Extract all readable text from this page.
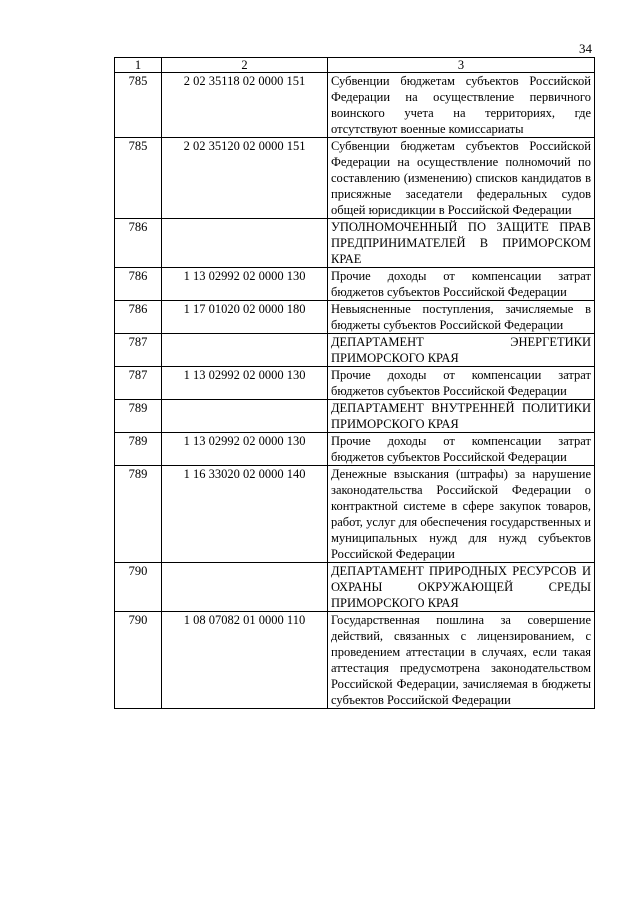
34
1	2	3
785	2 02 35118 02 0000 151	Субвенции бюджетам субъектов Российской Федерации на осуществление первичного воинского учета на территориях, где отсутствуют военные комиссариаты
785	2 02 35120 02 0000 151	Субвенции бюджетам субъектов Российской Федерации на осуществление полномочий по составлению (изменению) списков кандидатов в присяжные заседатели федеральных судов общей юрисдикции в Российской Федерации
786		УПОЛНОМОЧЕННЫЙ ПО ЗАЩИТЕ ПРАВ ПРЕДПРИНИМАТЕЛЕЙ В ПРИМОРСКОМ КРАЕ
786	1 13 02992 02 0000 130	Прочие доходы от компенсации затрат бюджетов субъектов Российской Федерации
786	1 17 01020 02 0000 180	Невыясненные поступления, зачисляемые в бюджеты субъектов Российской Федерации
787		ДЕПАРТАМЕНТ ЭНЕРГЕТИКИ ПРИМОРСКОГО КРАЯ
787	1 13 02992 02 0000 130	Прочие доходы от компенсации затрат бюджетов субъектов Российской Федерации
789		ДЕПАРТАМЕНТ ВНУТРЕННЕЙ ПОЛИТИКИ ПРИМОРСКОГО КРАЯ
789	1 13 02992 02 0000 130	Прочие доходы от компенсации затрат бюджетов субъектов Российской Федерации
789	1 16 33020 02 0000 140	Денежные взыскания (штрафы) за нарушение законодательства Российской Федерации о контрактной системе в сфере закупок товаров, работ, услуг для обеспечения государственных и муниципальных нужд для нужд субъектов Российской Федерации
790		ДЕПАРТАМЕНТ ПРИРОДНЫХ РЕСУРСОВ И ОХРАНЫ ОКРУЖАЮЩЕЙ СРЕДЫ ПРИМОРСКОГО КРАЯ
790	1 08 07082 01 0000 110	Государственная пошлина за совершение действий, связанных с лицензированием, с проведением аттестации в случаях, если такая аттестация предусмотрена законодательством Российской Федерации, зачисляемая в бюджеты субъектов Российской Федерации
